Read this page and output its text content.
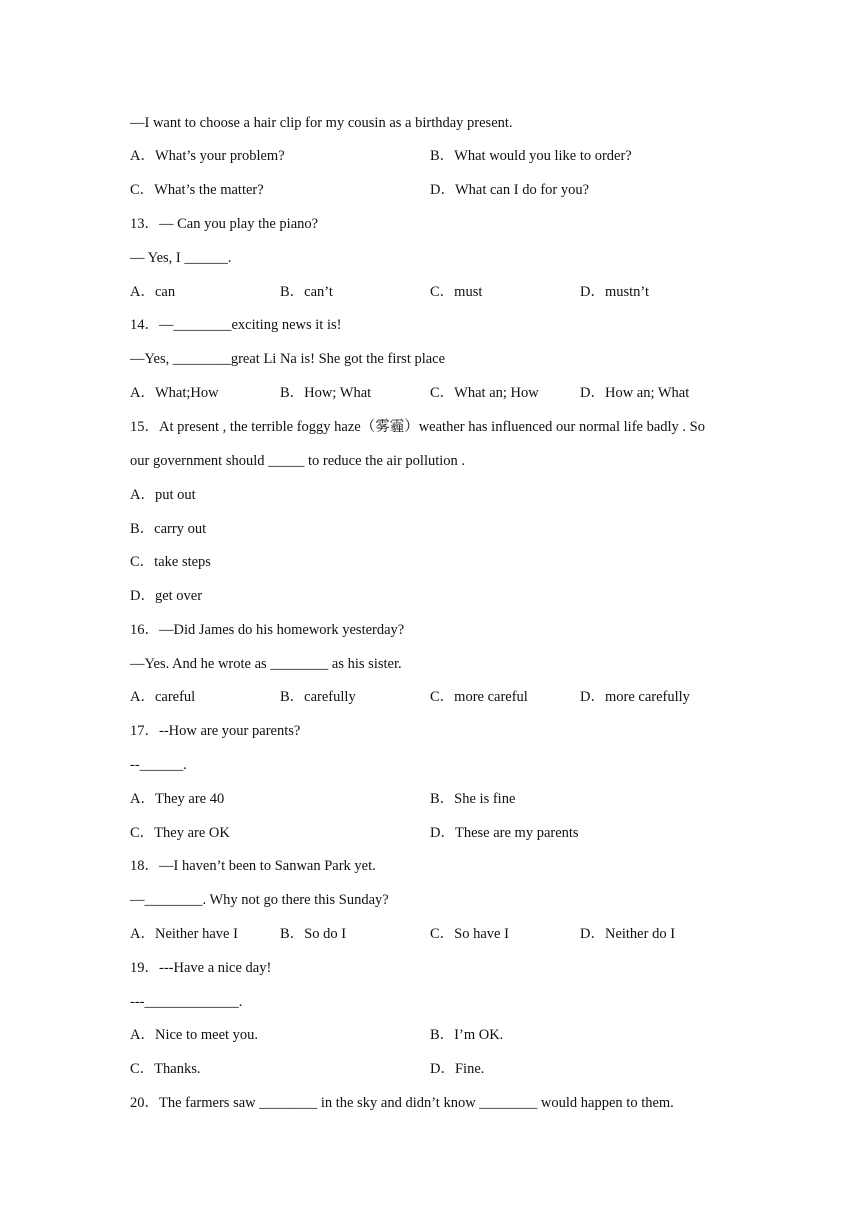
—I want to choose a hair clip for my cousin as a birthday present.
A．What’s your problem?	B．What would you like to order?
C．What’s the matter?	D．What can I do for you?
13．— Can you play the piano?
— Yes, I ______.
A．can	B．can’t	C．must	D．mustn’t
14．—________exciting news it is!
—Yes, ________great Li Na is! She got the first place
A．What;How	B．How; What	C．What an; How	D．How an; What
15．At present , the terrible foggy haze（雾霾）weather has influenced our normal life badly . So
our government should _____ to reduce the air pollution .
A．put out
B．carry out
C．take steps
D．get over
16．—Did James do his homework yesterday?
—Yes. And he wrote as ________ as his sister.
A．careful	B．carefully	C．more careful	D．more carefully
17．--How are your parents?
--______.
A．They are 40	B．She is fine
C．They are OK	D．These are my parents
18．—I haven’t been to Sanwan Park yet.
—________. Why not go there this Sunday?
A．Neither have I	B．So do I	C．So have I	D．Neither do I
19．---Have a nice day!
---_____________.
A．Nice to meet you.	B．I’m OK.
C．Thanks.	D．Fine.
20．The farmers saw ________ in the sky and didn’t know ________ would happen to them.
